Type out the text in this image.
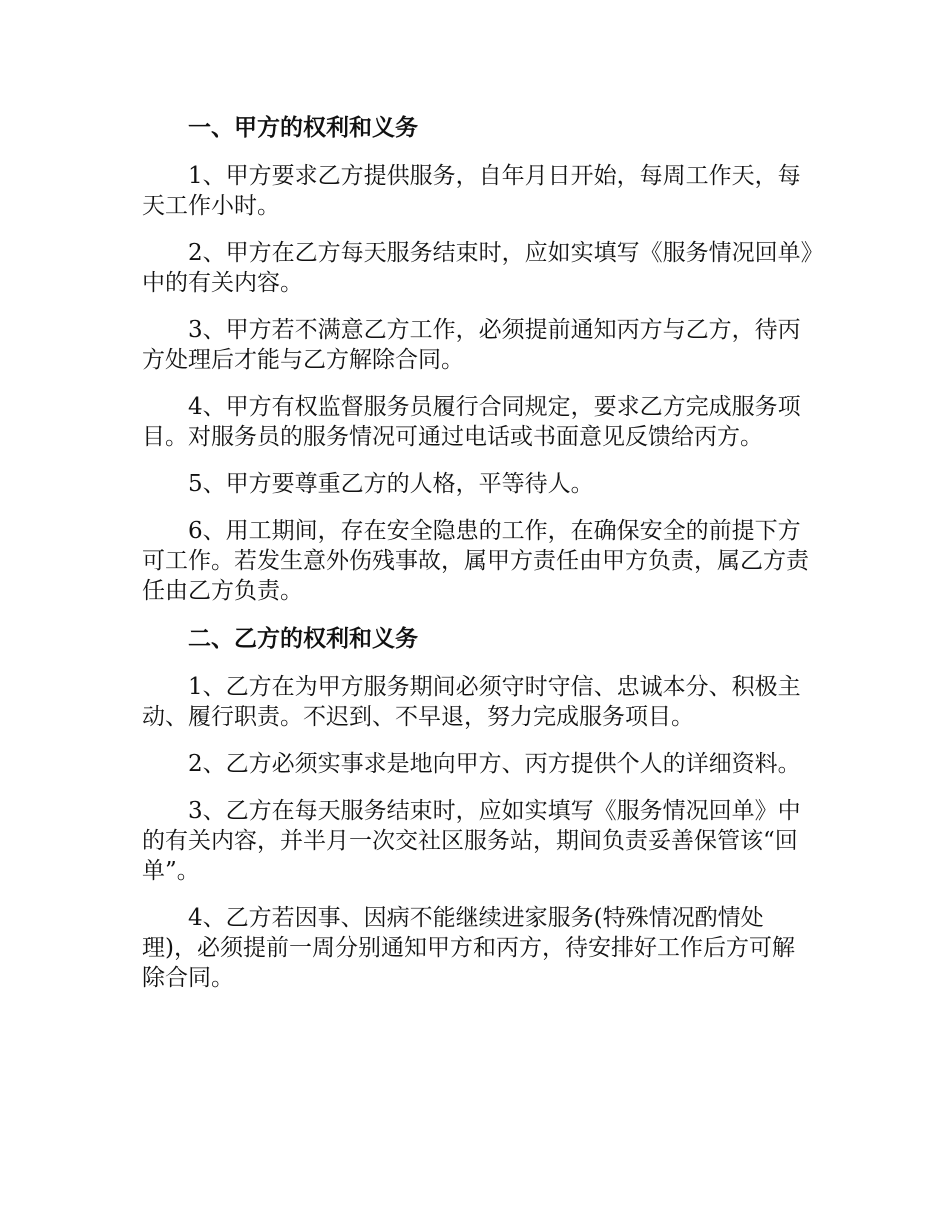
一、甲方的权利和义务
1、甲方要求乙方提供服务，自年月日开始，每周工作天，每天工作小时。
2、甲方在乙方每天服务结束时，应如实填写《服务情况回单》中的有关内容。
3、甲方若不满意乙方工作，必须提前通知丙方与乙方，待丙方处理后才能与乙方解除合同。
4、甲方有权监督服务员履行合同规定，要求乙方完成服务项目。对服务员的服务情况可通过电话或书面意见反馈给丙方。
5、甲方要尊重乙方的人格，平等待人。
6、用工期间，存在安全隐患的工作，在确保安全的前提下方可工作。若发生意外伤残事故，属甲方责任由甲方负责，属乙方责任由乙方负责。
二、乙方的权利和义务
1、乙方在为甲方服务期间必须守时守信、忠诚本分、积极主动、履行职责。不迟到、不早退，努力完成服务项目。
2、乙方必须实事求是地向甲方、丙方提供个人的详细资料。
3、乙方在每天服务结束时，应如实填写《服务情况回单》中的有关内容，并半月一次交社区服务站，期间负责妥善保管该“回单”。
4、乙方若因事、因病不能继续进家服务(特殊情况酌情处理)，必须提前一周分别通知甲方和丙方，待安排好工作后方可解除合同。
